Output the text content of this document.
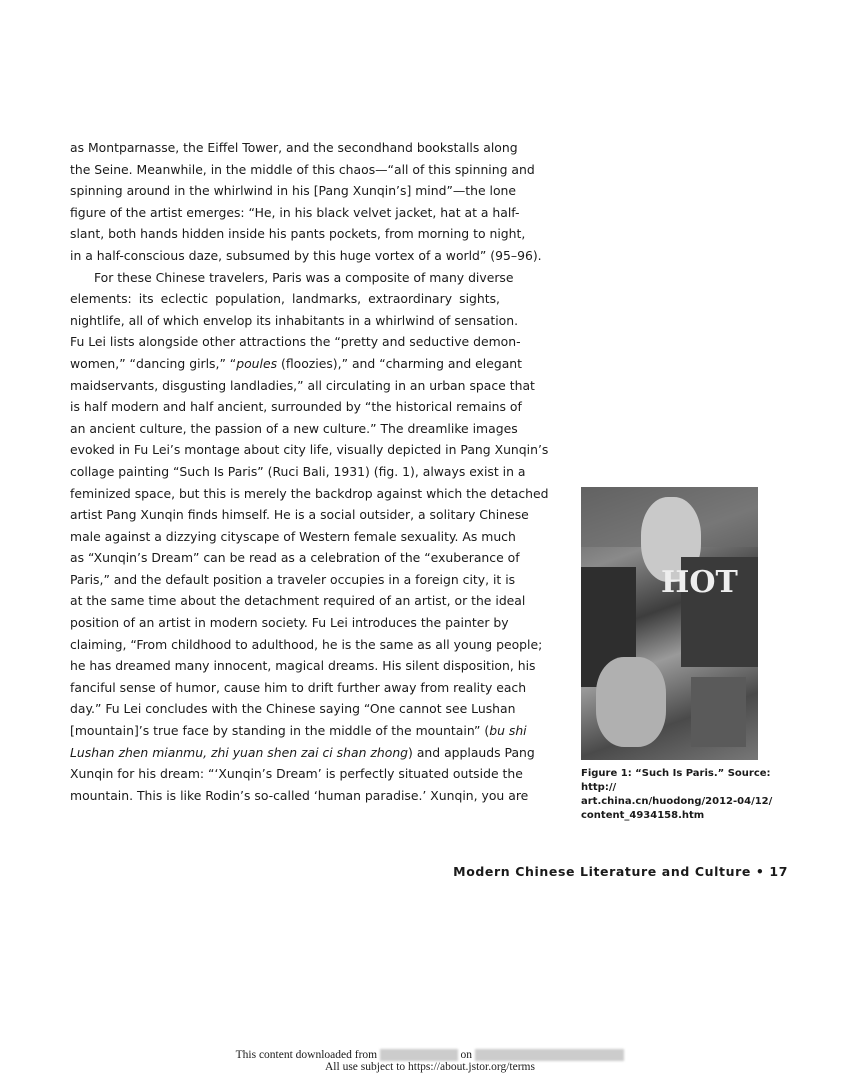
as Montparnasse, the Eiffel Tower, and the secondhand bookstalls along
the Seine. Meanwhile, in the middle of this chaos—“all of this spinning and
spinning around in the whirlwind in his [Pang Xunqin’s] mind”—the lone
figure of the artist emerges: “He, in his black velvet jacket, hat at a half-
slant, both hands hidden inside his pants pockets, from morning to night,
in a half-conscious daze, subsumed by this huge vortex of a world” (95–96).
For these Chinese travelers, Paris was a composite of many diverse
elements: its eclectic population, landmarks, extraordinary sights,
nightlife, all of which envelop its inhabitants in a whirlwind of sensation.
Fu Lei lists alongside other attractions the “pretty and seductive demon-
women,” “dancing girls,” “poules (floozies),” and “charming and elegant
maidservants, disgusting landladies,” all circulating in an urban space that
is half modern and half ancient, surrounded by “the historical remains of
an ancient culture, the passion of a new culture.” The dreamlike images
evoked in Fu Lei’s montage about city life, visually depicted in Pang Xunqin’s
collage painting “Such Is Paris” (Ruci Bali, 1931) (fig. 1), always exist in a
feminized space, but this is merely the backdrop against which the detached
artist Pang Xunqin finds himself. He is a social outsider, a solitary Chinese
male against a dizzying cityscape of Western female sexuality. As much
as “Xunqin’s Dream” can be read as a celebration of the “exuberance of
Paris,” and the default position a traveler occupies in a foreign city, it is
at the same time about the detachment required of an artist, or the ideal
position of an artist in modern society. Fu Lei introduces the painter by
claiming, “From childhood to adulthood, he is the same as all young people;
he has dreamed many innocent, magical dreams. His silent disposition, his
fanciful sense of humor, cause him to drift further away from reality each
day.” Fu Lei concludes with the Chinese saying “One cannot see Lushan
[mountain]’s true face by standing in the middle of the mountain” (bu shi
Lushan zhen mianmu, zhi yuan shen zai ci shan zhong) and applauds Pang
Xunqin for his dream: “‘Xunqin’s Dream’ is perfectly situated outside the
mountain. This is like Rodin’s so-called ‘human paradise.’ Xunqin, you are
HOT
Figure 1: “Such Is Paris.” Source: http://
art.china.cn/huodong/2012-04/12/
content_4934158.htm
Modern Chinese Literature and Culture • 17
This content downloaded from	on
All use subject to https://about.jstor.org/terms
